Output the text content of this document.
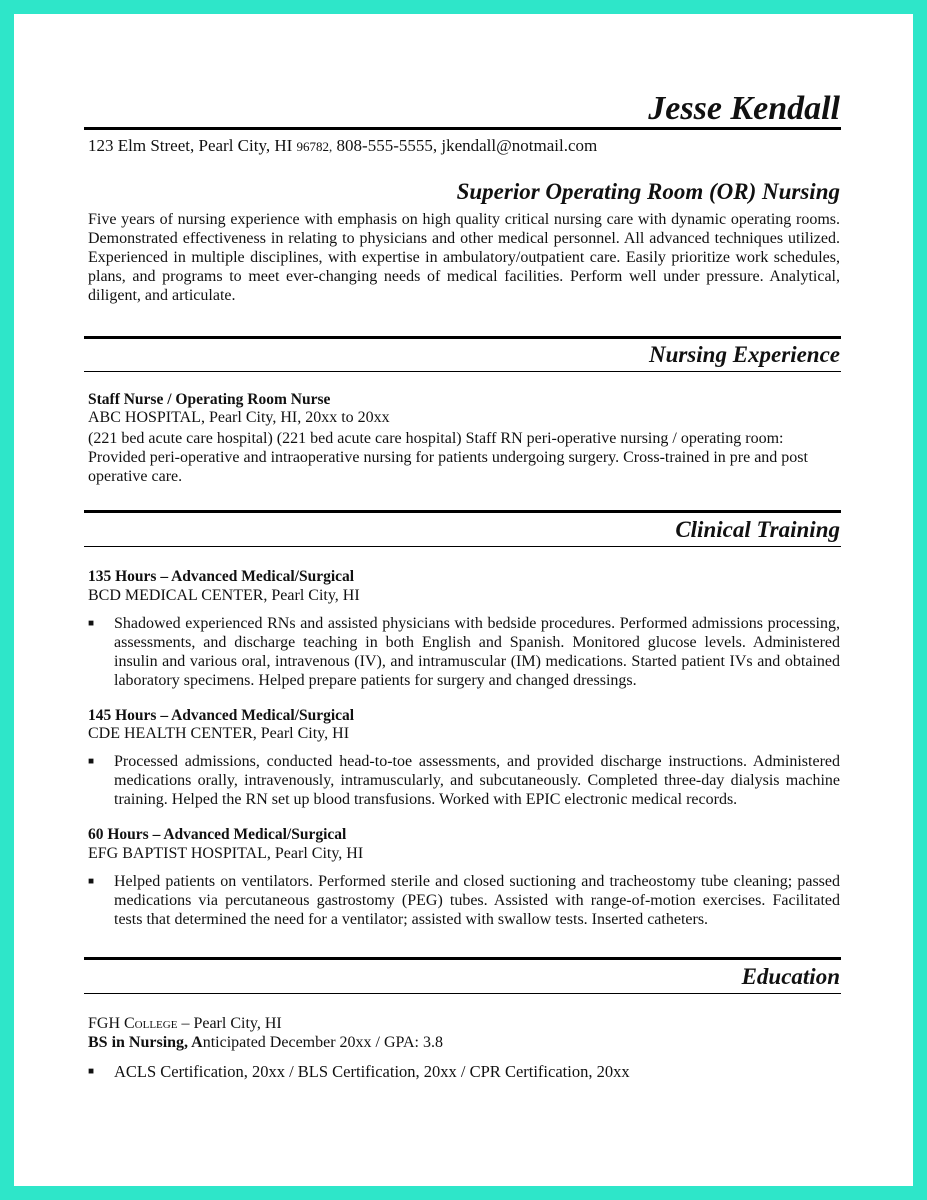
Jesse Kendall
123 Elm Street, Pearl City, HI 96782, 808-555-5555, jkendall@notmail.com
Superior Operating Room (OR) Nursing
Five years of nursing experience with emphasis on high quality critical nursing care with dynamic operating rooms. Demonstrated effectiveness in relating to physicians and other medical personnel. All advanced techniques utilized. Experienced in multiple disciplines, with expertise in ambulatory/outpatient care. Easily prioritize work schedules, plans, and programs to meet ever-changing needs of medical facilities. Perform well under pressure. Analytical, diligent, and articulate.
Nursing Experience
Staff Nurse / Operating Room Nurse
ABC HOSPITAL, Pearl City, HI, 20xx to 20xx
(221 bed acute care hospital) (221 bed acute care hospital) Staff RN peri-operative nursing / operating room: Provided peri-operative and intraoperative nursing for patients undergoing surgery. Cross-trained in pre and post operative care.
Clinical Training
135 Hours – Advanced Medical/Surgical
BCD MEDICAL CENTER, Pearl City, HI
■	Shadowed experienced RNs and assisted physicians with bedside procedures. Performed admissions processing, assessments, and discharge teaching in both English and Spanish. Monitored glucose levels. Administered insulin and various oral, intravenous (IV), and intramuscular (IM) medications. Started patient IVs and obtained laboratory specimens. Helped prepare patients for surgery and changed dressings.
145 Hours – Advanced Medical/Surgical
CDE HEALTH CENTER, Pearl City, HI
■	Processed admissions, conducted head-to-toe assessments, and provided discharge instructions. Administered medications orally, intravenously, intramuscularly, and subcutaneously. Completed three-day dialysis machine training. Helped the RN set up blood transfusions. Worked with EPIC electronic medical records.
60 Hours – Advanced Medical/Surgical
EFG BAPTIST HOSPITAL, Pearl City, HI
■	Helped patients on ventilators. Performed sterile and closed suctioning and tracheostomy tube cleaning; passed medications via percutaneous gastrostomy (PEG) tubes. Assisted with range-of-motion exercises. Facilitated tests that determined the need for a ventilator; assisted with swallow tests. Inserted catheters.
Education
FGH College – Pearl City, HI
BS in Nursing, Anticipated December 20xx / GPA: 3.8
■	ACLS Certification, 20xx / BLS Certification, 20xx / CPR Certification, 20xx
